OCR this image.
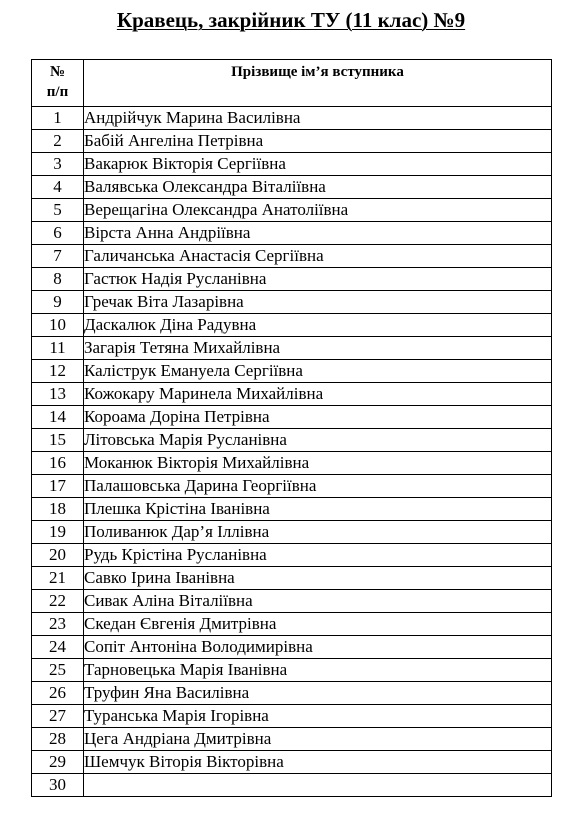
Кравець, закрійник ТУ (11 клас) №9
№ п/п	Прізвище ім’я вступника
1	Андрійчук Марина Василівна
2	Бабій Ангеліна Петрівна
3	Вакарюк Вікторія Сергіївна
4	Валявська Олександра Віталіївна
5	Верещагіна Олександра Анатоліївна
6	Вірста Анна Андріївна
7	Галичанська Анастасія Сергіївна
8	Гастюк Надія Русланівна
9	Гречак Віта Лазарівна
10	Даскалюк Діна Радувна
11	Загарія Тетяна Михайлівна
12	Каліструк Емануела Сергіївна
13	Кожокару Маринела Михайлівна
14	Короама Доріна Петрівна
15	Літовська Марія Русланівна
16	Моканюк Вікторія Михайлівна
17	Палашовська Дарина Георгіївна
18	Плешка Крістіна Іванівна
19	Поливанюк Дар’я Іллівна
20	Рудь Крістіна Русланівна
21	Савко Ірина Іванівна
22	Сивак Аліна Віталіївна
23	Скедан Євгенія Дмитрівна
24	Сопіт Антоніна Володимирівна
25	Тарновецька Марія Іванівна
26	Труфин Яна Василівна
27	Туранська Марія Ігорівна
28	Цега Андріана Дмитрівна
29	Шемчук Віторія Вікторівна
30	
